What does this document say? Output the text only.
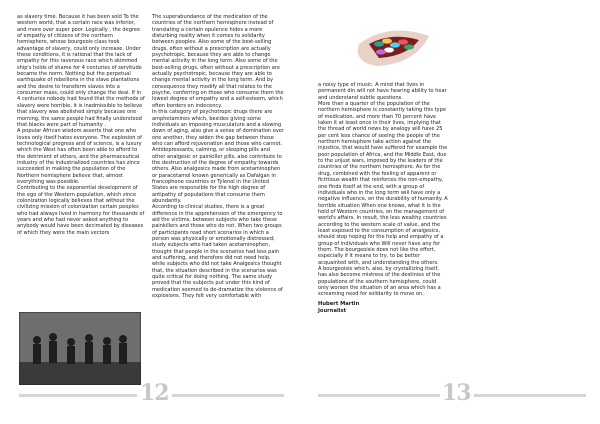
as slavery time. Because it has been sold To the western world, that a certain race was inferior, and more over super poor. Logically , the degree of empathy of citizens of the northern hemisphere, whose bourgeois class took advantage of slavery, could only increase. Under these conditions, it is rational that the lack of empathy for this ravenous race which skimmed ship's holds of shame for 4 centuries of servitude became the norm. Nothing but the perpetual earthquake of rebellions in the slave plantations and the desire to transform slaves into a consumer mass, could only change the deal. If in 4 centuries nobody had found that the methods of slavery were horrible, it is inadmissible to believe that slavery was abolished simply because one morning, the same people had finally understood that blacks were part of humanity .

A popular African wisdom asserts that one who loves only itself hates everyone. The explosion of technological progress and of science, is a luxury which the West has often been able to afford to the detriment of others, and the pharmaceutical industry of the industrialized countries has zince succeeded in making the population of the Northern hemisphere believe that, almost everything was possible.

Contributing to the exponential development of the ego of the Western population, which zince colonization logically believes that without the civilizing mission of colonization certain peoples who had always lived in harmony for thousands of years and who had never asked anything to anybody would have been decimated by diseases of which they were the main vectors

The superabundance of the medication of the countries of the northern hemisphere instead of translating a certain opulence hides a more disturbing reality when it comes to solidarity between peoples. Also some of the best-selling drugs, often without a prescription are actually psychotropic, because they are able to change mental activity in the long term. Also some of the best-selling drugs, often without a prescription are actually psychotropic, because they are able to change mental activity in the long term. And by consequence they modify all that relates to the psyche, conferring on those who consume them the lowest degree of empathy and a self-esteem, which often borders on indecency.

In this category of psychotropic drugs there are amphetamines which, besides giving some individuals an imposing musculature and a slowing down of aging, also give a sense of domination over one another, they widen the gap between those who can afford rejuvenation and those who cannot.

Antidepressants, calming, or sleeping pills and other analgesic or painkiller pills, also contribute to the destruction of the degree of empathy towards others. Also analgesics made from acetaminophen or paracetamol known generically as Dafalgan in francophone countries or Tylenol in the United States are responsible for the high degree of antipathy of populations that consume them abundantly.

According to clinical studies, there is a great difference in the apprehension of the emergency to aid the victims, between subjects who take these painkillers and those who do not. When two groups of participants read short scenarios in which a person was physically or emotionally distressed; study subjects who had taken acetaminophen, thought that people in the scenarios had less pain and suffering, and therefore did not need help, while subjects who did not take Analgesics thought that, the situation described in the scenarios was quite critical for doing nothing. The same study proved that the subjects put under this kind of medication seemed to de-dramatize the violence of explosions. They felt very comfortable with

12

a noisy type of music. A mind that lives in permanent din will not have hearing ability to hear and understand subtle questions.

More than a quarter of the population of the northern hemisphere is constantly taking this type of medication, and more than 70 percent have taken it at least once in their lives, implying that the thread of world news by analogy will have 25 per cent less chance of seeing the people of the northern hemisphere take action against the injustice, that would have suffered for example the poor population of Africa, and the Middle East, due to the unjust wars, imposed by the leaders of the countries of the northern hemisphere. As for the drug, combined with the feeling of apparent or fictitious wealth that reinforces the non-empathy, one finds itself at the end, with a group of individuals who in the long term will have only a negative influence, on the durability of humanity. A terrible situation When one knows, what it is the hold of Western countries, on the management of world's affairs. In result, the less wealthy countries according to the western scale of value, and the least exposed to the consumption of analgesics, should stop hoping for the help and empathy of a group of individuals who Will never have any for them. The bourgeoisie does not like the effort, especially if it means to try, to be better acquainted with, and understanding the others.

A bourgeoisie which, also, by crystallizing itself, has also become mistress of the destinies of the populations of the southern hemisphere, could only worsen the situation of an area which has a screaming need for solidarity to move on.

Hubert Martin
Journalist
13
